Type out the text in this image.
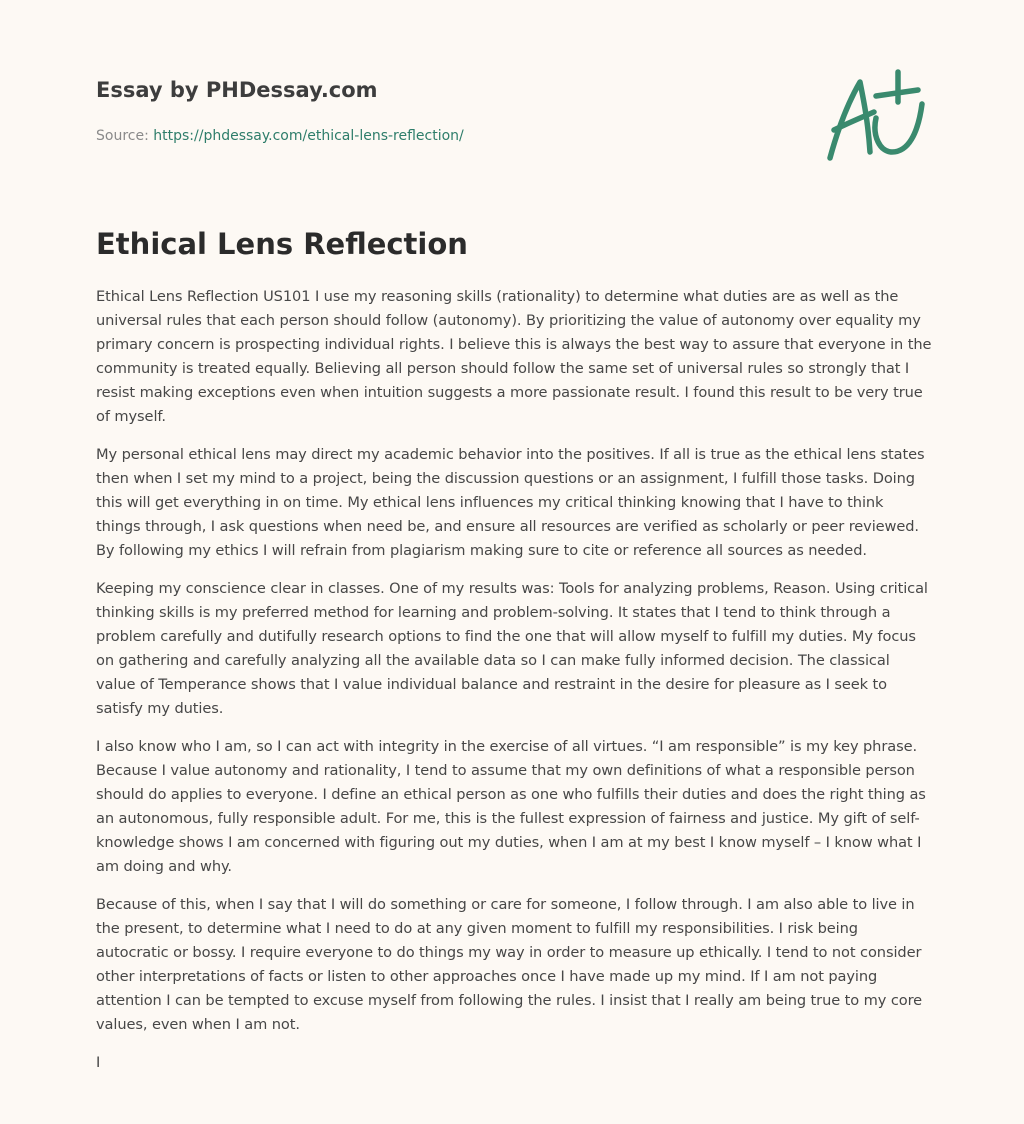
Essay by PHDessay.com
Source: https://phdessay.com/ethical-lens-reflection/
Ethical Lens Reflection

Ethical Lens Reflection US101 I use my reasoning skills (rationality) to determine what duties are as well as the universal rules that each person should follow (autonomy). By prioritizing the value of autonomy over equality my primary concern is prospecting individual rights. I believe this is always the best way to assure that everyone in the community is treated equally. Believing all person should follow the same set of universal rules so strongly that I resist making exceptions even when intuition suggests a more passionate result. I found this result to be very true of myself.

My personal ethical lens may direct my academic behavior into the positives. If all is true as the ethical lens states then when I set my mind to a project, being the discussion questions or an assignment, I fulfill those tasks. Doing this will get everything in on time. My ethical lens influences my critical thinking knowing that I have to think things through, I ask questions when need be, and ensure all resources are verified as scholarly or peer reviewed. By following my ethics I will refrain from plagiarism making sure to cite or reference all sources as needed.

Keeping my conscience clear in classes. One of my results was: Tools for analyzing problems, Reason. Using critical thinking skills is my preferred method for learning and problem-solving. It states that I tend to think through a problem carefully and dutifully research options to find the one that will allow myself to fulfill my duties. My focus on gathering and carefully analyzing all the available data so I can make fully informed decision. The classical value of Temperance shows that I value individual balance and restraint in the desire for pleasure as I seek to satisfy my duties.

I also know who I am, so I can act with integrity in the exercise of all virtues. “I am responsible” is my key phrase. Because I value autonomy and rationality, I tend to assume that my own definitions of what a responsible person should do applies to everyone. I define an ethical person as one who fulfills their duties and does the right thing as an autonomous, fully responsible adult. For me, this is the fullest expression of fairness and justice. My gift of self-knowledge shows I am concerned with figuring out my duties, when I am at my best I know myself – I know what I am doing and why.

Because of this, when I say that I will do something or care for someone, I follow through. I am also able to live in the present, to determine what I need to do at any given moment to fulfill my responsibilities. I risk being autocratic or bossy. I require everyone to do things my way in order to measure up ethically. I tend to not consider other interpretations of facts or listen to other approaches once I have made up my mind. If I am not paying attention I can be tempted to excuse myself from following the rules. I insist that I really am being true to my core values, even when I am not.

I
